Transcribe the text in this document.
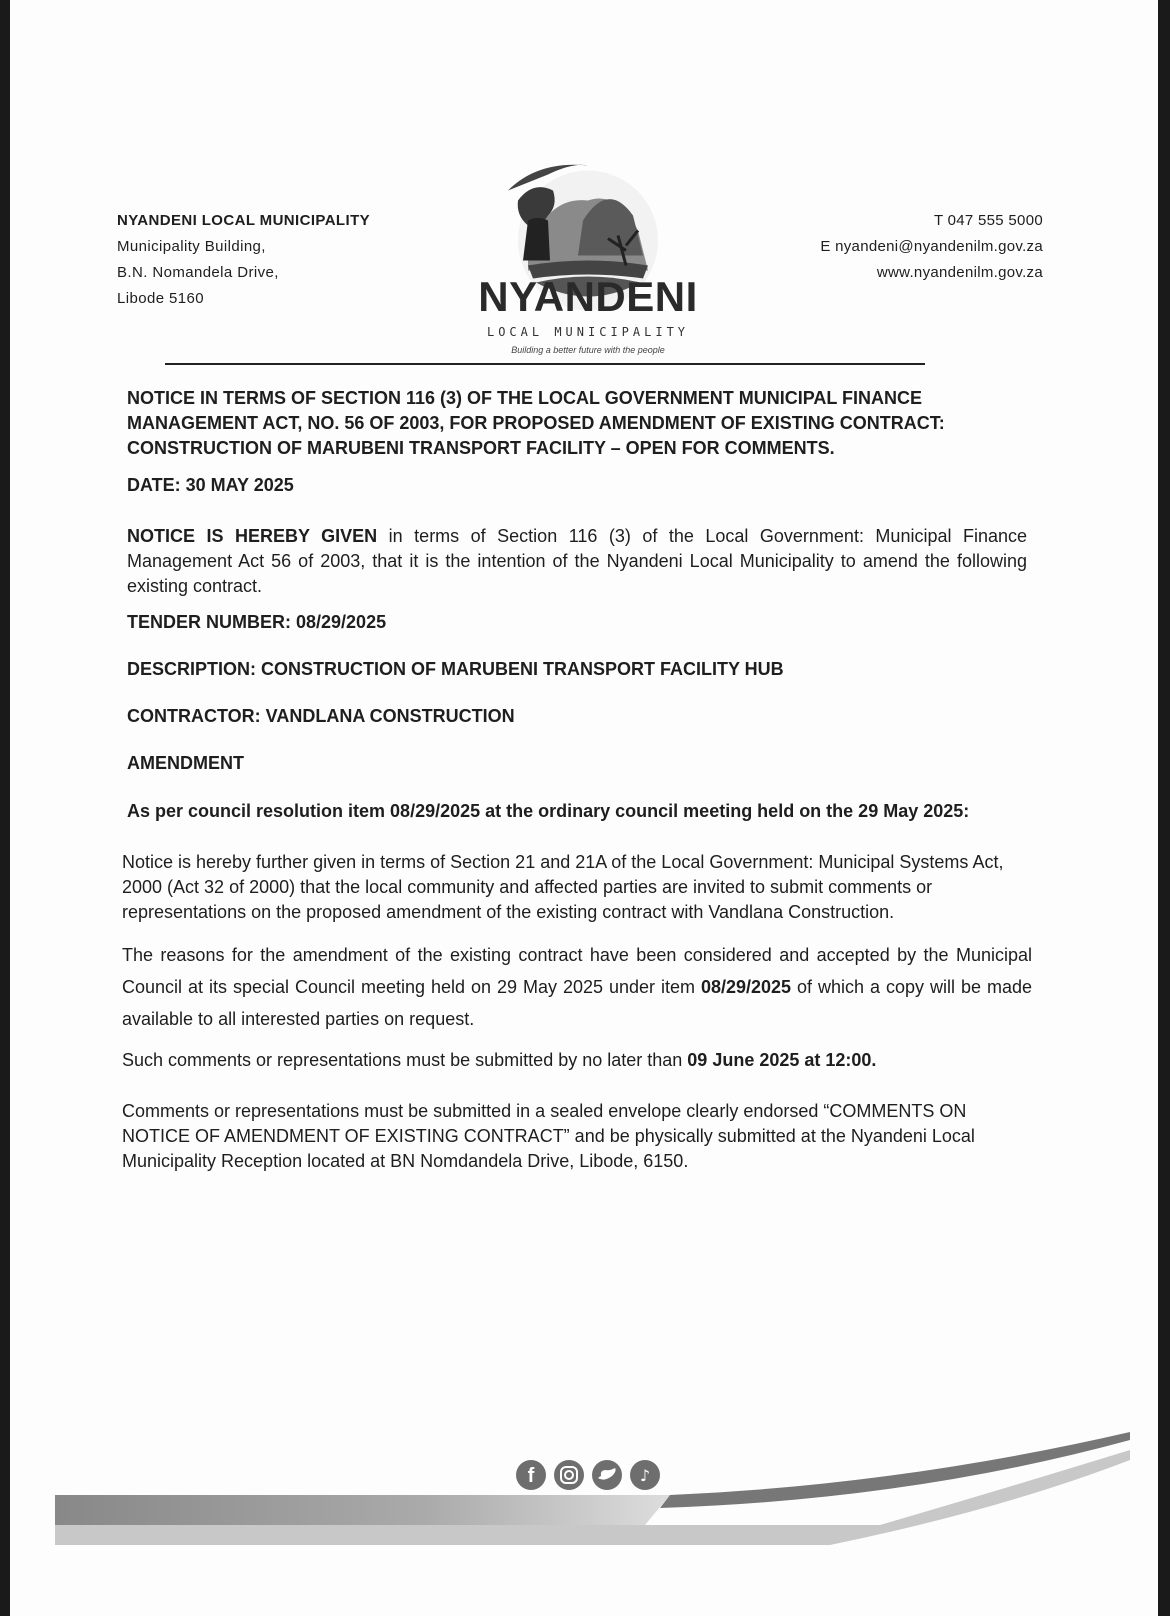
NYANDENI LOCAL MUNICIPALITY
Municipality Building,
B.N. Nomandela Drive,
Libode 5160
T 047 555 5000
E nyandeni@nyandenilm.gov.za
www.nyandenilm.gov.za
NYANDENI
LOCAL MUNICIPALITY
Building a better future with the people
NOTICE IN TERMS OF SECTION 116 (3) OF THE LOCAL GOVERNMENT MUNICIPAL FINANCE MANAGEMENT ACT, NO. 56 OF 2003, FOR PROPOSED AMENDMENT OF EXISTING CONTRACT: CONSTRUCTION OF MARUBENI TRANSPORT FACILITY – OPEN FOR COMMENTS.
DATE: 30 MAY 2025
NOTICE IS HEREBY GIVEN in terms of Section 116 (3) of the Local Government: Municipal Finance Management Act 56 of 2003, that it is the intention of the Nyandeni Local Municipality to amend the following existing contract.
TENDER NUMBER: 08/29/2025
DESCRIPTION: CONSTRUCTION OF MARUBENI TRANSPORT FACILITY HUB
CONTRACTOR: VANDLANA CONSTRUCTION
AMENDMENT
As per council resolution item 08/29/2025 at the ordinary council meeting held on the 29 May 2025:
Notice is hereby further given in terms of Section 21 and 21A of the Local Government: Municipal Systems Act, 2000 (Act 32 of 2000) that the local community and affected parties are invited to submit comments or representations on the proposed amendment of the existing contract with Vandlana Construction.
The reasons for the amendment of the existing contract have been considered and accepted by the Municipal Council at its special Council meeting held on 29 May 2025 under item 08/29/2025 of which a copy will be made available to all interested parties on request.
Such comments or representations must be submitted by no later than 09 June 2025 at 12:00.
Comments or representations must be submitted in a sealed envelope clearly endorsed “COMMENTS ON NOTICE OF AMENDMENT OF EXISTING CONTRACT” and be physically submitted at the Nyandeni Local Municipality Reception located at BN Nomdandela Drive, Libode, 6150.
f	♪
